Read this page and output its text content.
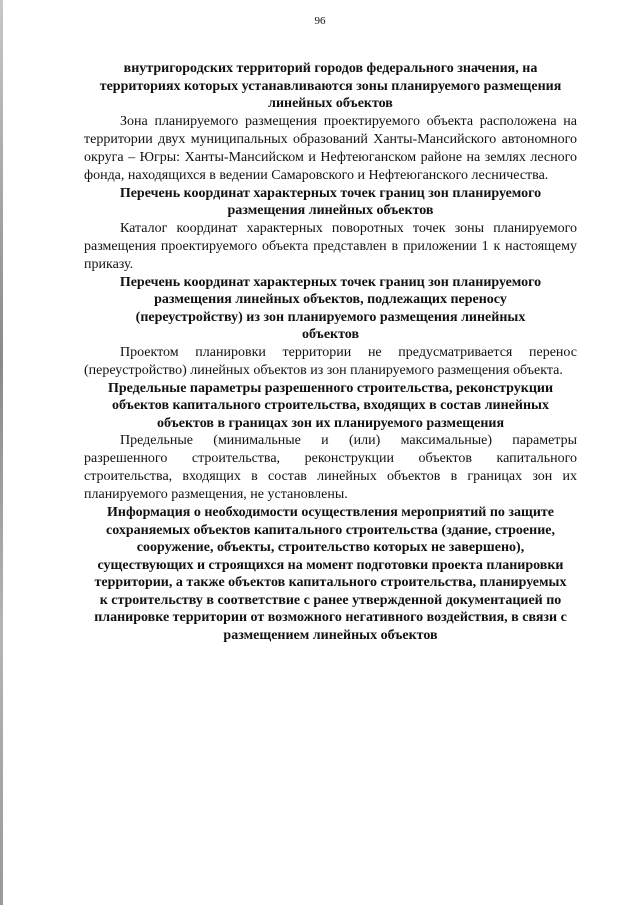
96
внутригородских территорий городов федерального значения, на территориях которых устанавливаются зоны планируемого размещения линейных объектов

Зона планируемого размещения проектируемого объекта расположена на территории двух муниципальных образований Ханты-Мансийского автономного округа – Югры: Ханты-Мансийском и Нефтеюганском районе на землях лесного фонда, находящихся в ведении Самаровского и Нефтеюганского лесничества.

Перечень координат характерных точек границ зон планируемого размещения линейных объектов

Каталог координат характерных поворотных точек зоны планируемого размещения проектируемого объекта представлен в приложении 1 к настоящему приказу.

Перечень координат характерных точек границ зон планируемого размещения линейных объектов, подлежащих переносу (переустройству) из зон планируемого размещения линейных объектов

Проектом планировки территории не предусматривается перенос (переустройство) линейных объектов из зон планируемого размещения объекта.

Предельные параметры разрешенного строительства, реконструкции объектов капитального строительства, входящих в состав линейных объектов в границах зон их планируемого размещения

Предельные (минимальные и (или) максимальные) параметры разрешенного строительства, реконструкции объектов капитального строительства, входящих в состав линейных объектов в границах зон их планируемого размещения, не установлены.

Информация о необходимости осуществления мероприятий по защите сохраняемых объектов капитального строительства (здание, строение, сооружение, объекты, строительство которых не завершено), существующих и строящихся на момент подготовки проекта планировки территории, а также объектов капитального строительства, планируемых к строительству в соответствие с ранее утвержденной документацией по планировке территории от возможного негативного воздействия, в связи с размещением линейных объектов
